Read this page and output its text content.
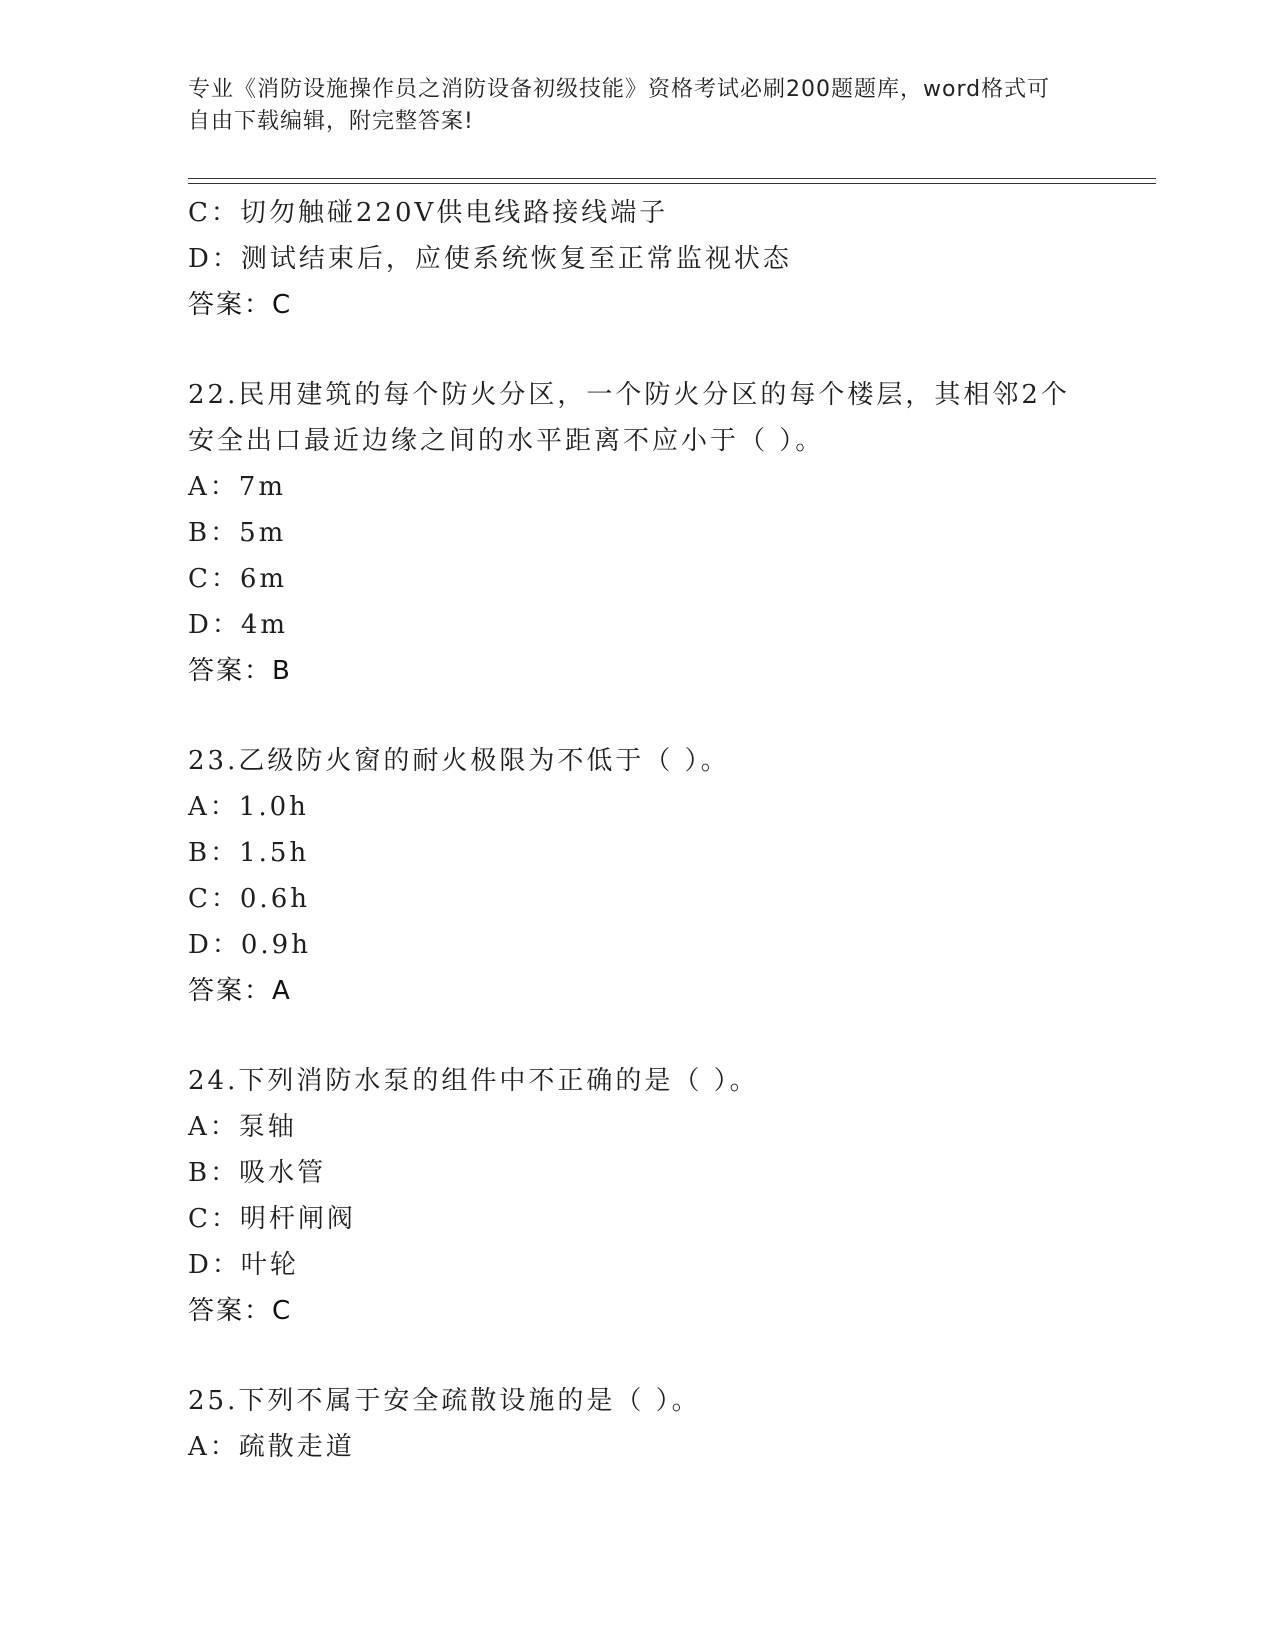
专业《消防设施操作员之消防设备初级技能》资格考试必刷200题题库，word格式可自由下载编辑，附完整答案!
C：切勿触碰220V供电线路接线端子
D：测试结束后，应使系统恢复至正常监视状态
答案：C
22.民用建筑的每个防火分区，一个防火分区的每个楼层，其相邻2个
安全出口最近边缘之间的水平距离不应小于（ ）。
A：7m
B：5m
C：6m
D：4m
答案：B
23.乙级防火窗的耐火极限为不低于（ ）。
A：1.0h
B：1.5h
C：0.6h
D：0.9h
答案：A
24.下列消防水泵的组件中不正确的是（ ）。
A：泵轴
B：吸水管
C：明杆闸阀
D：叶轮
答案：C
25.下列不属于安全疏散设施的是（ ）。
A：疏散走道
